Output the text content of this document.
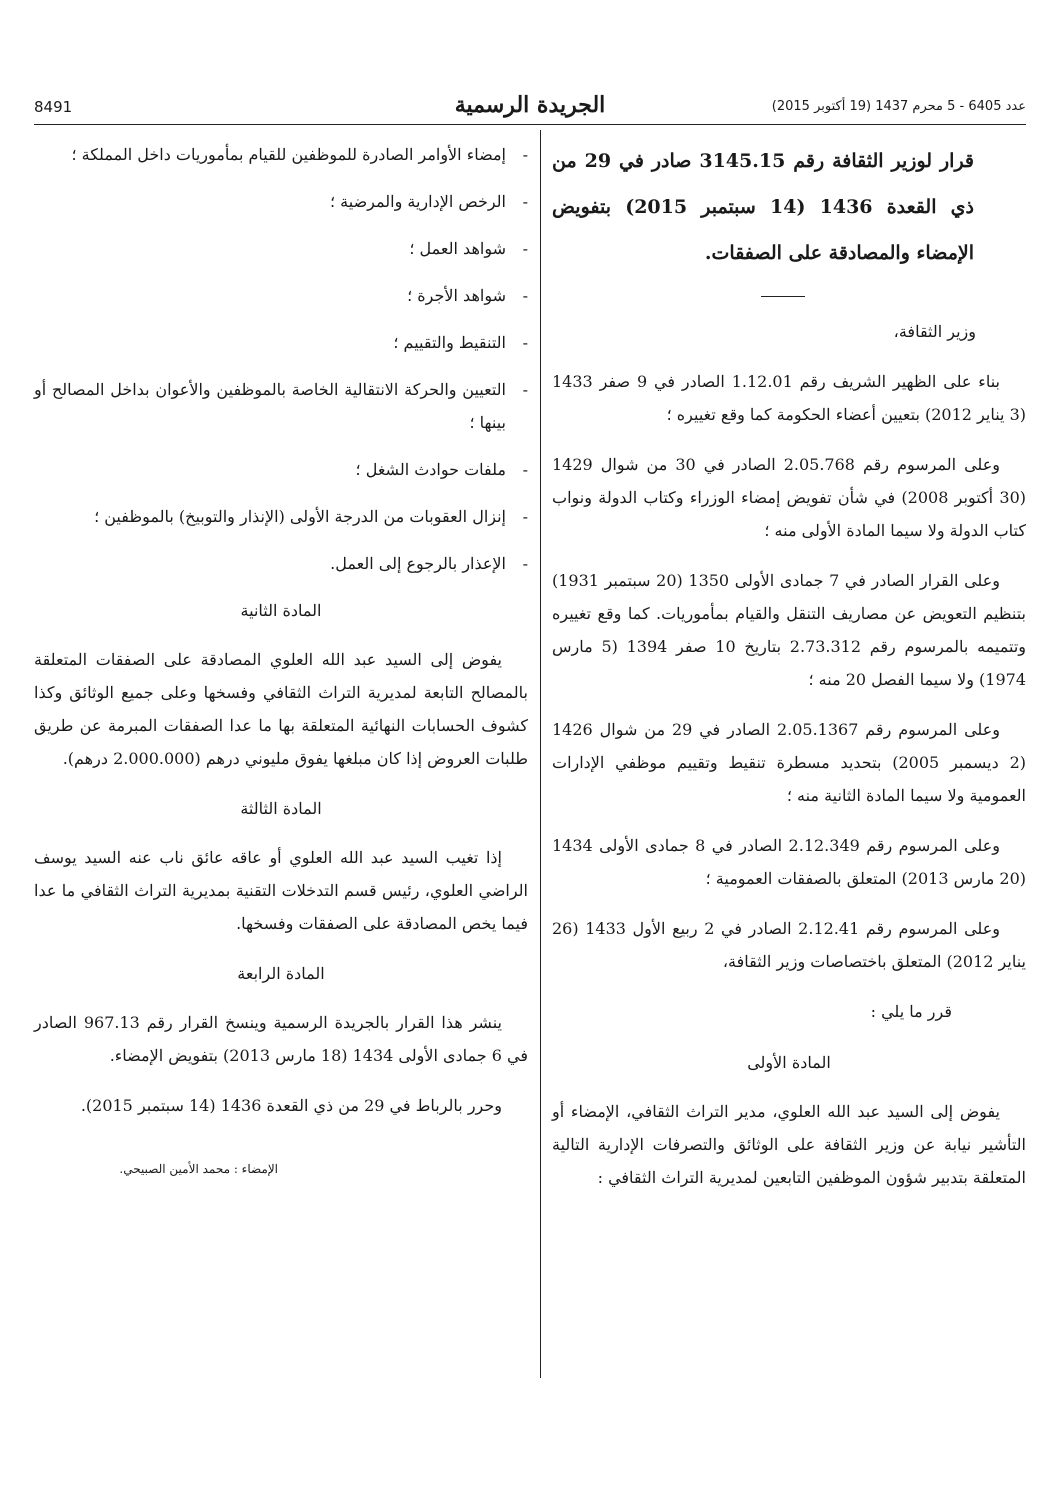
8491	الجريدة الرسمية	عدد 6405 - 5 محرم 1437 (19 أكتوبر 2015)
قرار لوزير الثقافة رقم 3145.15 صادر في 29 من ذي القعدة 1436 (14 سبتمبر 2015) بتفويض الإمضاء والمصادقة على الصفقات.

وزير الثقافة،

بناء على الظهير الشريف رقم 1.12.01 الصادر في 9 صفر 1433 (3 يناير 2012) بتعيين أعضاء الحكومة كما وقع تغييره ؛

وعلى المرسوم رقم 2.05.768 الصادر في 30 من شوال 1429 (30 أكتوبر 2008) في شأن تفويض إمضاء الوزراء وكتاب الدولة ونواب كتاب الدولة ولا سيما المادة الأولى منه ؛

وعلى القرار الصادر في 7 جمادى الأولى 1350 (20 سبتمبر 1931) بتنظيم التعويض عن مصاريف التنقل والقيام بمأموريات. كما وقع تغييره وتتميمه بالمرسوم رقم 2.73.312 بتاريخ 10 صفر 1394 (5 مارس 1974) ولا سيما الفصل 20 منه ؛

وعلى المرسوم رقم 2.05.1367 الصادر في 29 من شوال 1426 (2 ديسمبر 2005) بتحديد مسطرة تنقيط وتقييم موظفي الإدارات العمومية ولا سيما المادة الثانية منه ؛

وعلى المرسوم رقم 2.12.349 الصادر في 8 جمادى الأولى 1434 (20 مارس 2013) المتعلق بالصفقات العمومية ؛

وعلى المرسوم رقم 2.12.41 الصادر في 2 ربيع الأول 1433 (26 يناير 2012) المتعلق باختصاصات وزير الثقافة،

قرر ما يلي :

المادة الأولى

يفوض إلى السيد عبد الله العلوي، مدير التراث الثقافي، الإمضاء أو التأشير نيابة عن وزير الثقافة على الوثائق والتصرفات الإدارية التالية المتعلقة بتدبير شؤون الموظفين التابعين لمديرية التراث الثقافي :

-
إمضاء الأوامر الصادرة للموظفين للقيام بمأموريات داخل المملكة ؛
-
الرخص الإدارية والمرضية ؛
-
شواهد العمل ؛
-
شواهد الأجرة ؛
-
التنقيط والتقييم ؛
-
التعيين والحركة الانتقالية الخاصة بالموظفين والأعوان بداخل المصالح أو بينها ؛
-
ملفات حوادث الشغل ؛
-
إنزال العقوبات من الدرجة الأولى (الإنذار والتوبيخ) بالموظفين ؛
-
الإعذار بالرجوع إلى العمل.
المادة الثانية

يفوض إلى السيد عبد الله العلوي المصادقة على الصفقات المتعلقة بالمصالح التابعة لمديرية التراث الثقافي وفسخها وعلى جميع الوثائق وكذا كشوف الحسابات النهائية المتعلقة بها ما عدا الصفقات المبرمة عن طريق طلبات العروض إذا كان مبلغها يفوق مليوني درهم (2.000.000 درهم).

المادة الثالثة

إذا تغيب السيد عبد الله العلوي أو عاقه عائق ناب عنه السيد يوسف الراضي العلوي، رئيس قسم التدخلات التقنية بمديرية التراث الثقافي ما عدا فيما يخص المصادقة على الصفقات وفسخها.

المادة الرابعة

ينشر هذا القرار بالجريدة الرسمية وينسخ القرار رقم 967.13 الصادر في 6 جمادى الأولى 1434 (18 مارس 2013) بتفويض الإمضاء.

وحرر بالرباط في 29 من ذي القعدة 1436 (14 سبتمبر 2015).

الإمضاء : محمد الأمين الصبيحي.
